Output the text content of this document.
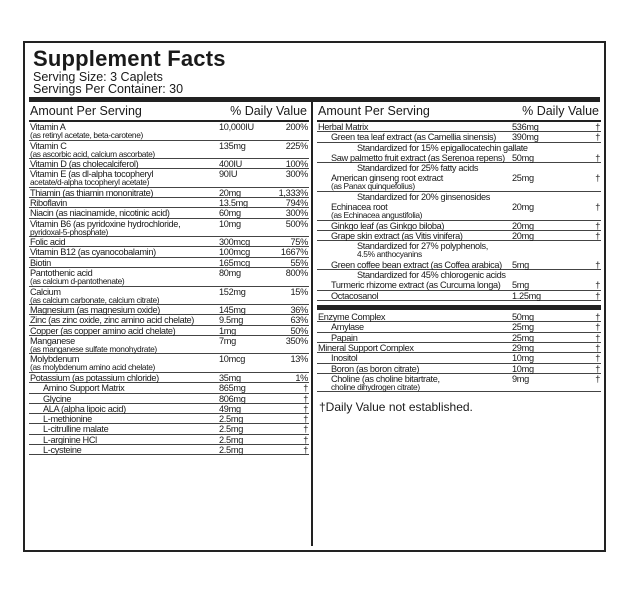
Supplement Facts
Serving Size: 3 Caplets
Servings Per Container: 30
Amount Per Serving	% Daily Value
Vitamin A
(as retinyl acetate, beta-carotene)
10,000IU	200%
Vitamin C
(as ascorbic acid, calcium ascorbate)
135mg	225%
Vitamin D (as cholecalciferol)	400IU	100%
Vitamin E (as dl-alpha tocopheryl
acetate/d-alpha tocopheryl acetate)
90IU	300%
Thiamin (as thiamin mononitrate)	20mg	1,333%
Riboflavin	13.5mg	794%
Niacin (as niacinamide, nicotinic acid)	60mg	300%
Vitamin B6 (as pyridoxine hydrochloride,
pyridoxal-5-phosphate)
10mg	500%
Folic acid	300mcg	75%
Vitamin B12 (as cyanocobalamin)	100mcg	1667%
Biotin	165mcg	55%
Pantothenic acid
(as calcium d-pantothenate)
80mg	800%
Calcium
(as calcium carbonate, calcium citrate)
152mg	15%
Magnesium (as magnesium oxide)	145mg	36%
Zinc (as zinc oxide, zinc amino acid chelate)	9.5mg	63%
Copper (as copper amino acid chelate)	1mg	50%
Manganese
(as manganese sulfate monohydrate)
7mg	350%
Molybdenum
(as molybdenum amino acid chelate)
10mcg	13%
Potassium (as potassium chloride)	35mg	1%
Amino Support Matrix	865mg	†
Glycine	806mg	†
ALA (alpha lipoic acid)	49mg	†
L-methionine	2.5mg	†
L-citrulline malate	2.5mg	†
L-arginine HCl	2.5mg	†
L-cysteine	2.5mg	†
Amount Per Serving	% Daily Value
Herbal Matrix	536mg	†
Green tea leaf extract (as Camellia sinensis) 390mg	†
Standardized for 15% epigallocatechin gallate
Saw palmetto fruit extract (as Serenoa repens) 50mg	†
Standardized for 25% fatty acids
American ginseng root extract
(as Panax quinquefolius)
25mg	†
Standardized for 20% ginsenosides
Echinacea root
(as Echinacea angustifolia)
20mg	†
Ginkgo leaf (as Ginkgo biloba)	20mg	†
Grape skin extract (as Vitis vinifera)	20mg	†
Standardized for 27% polyphenols,
4.5% anthocyanins
Green coffee bean extract (as Coffea arabica) 5mg	†
Standardized for 45% chlorogenic acids
Turmeric rhizome extract (as Curcuma longa) 5mg	†
Octacosanol	1.25mg	†
Enzyme Complex	50mg	†
Amylase	25mg	†
Papain	25mg	†
Mineral Support Complex	29mg	†
Inositol	10mg	†
Boron (as boron citrate)	10mg	†
Choline (as choline bitartrate,
choline dihydrogen citrate)
9mg	†
†Daily Value not established.
